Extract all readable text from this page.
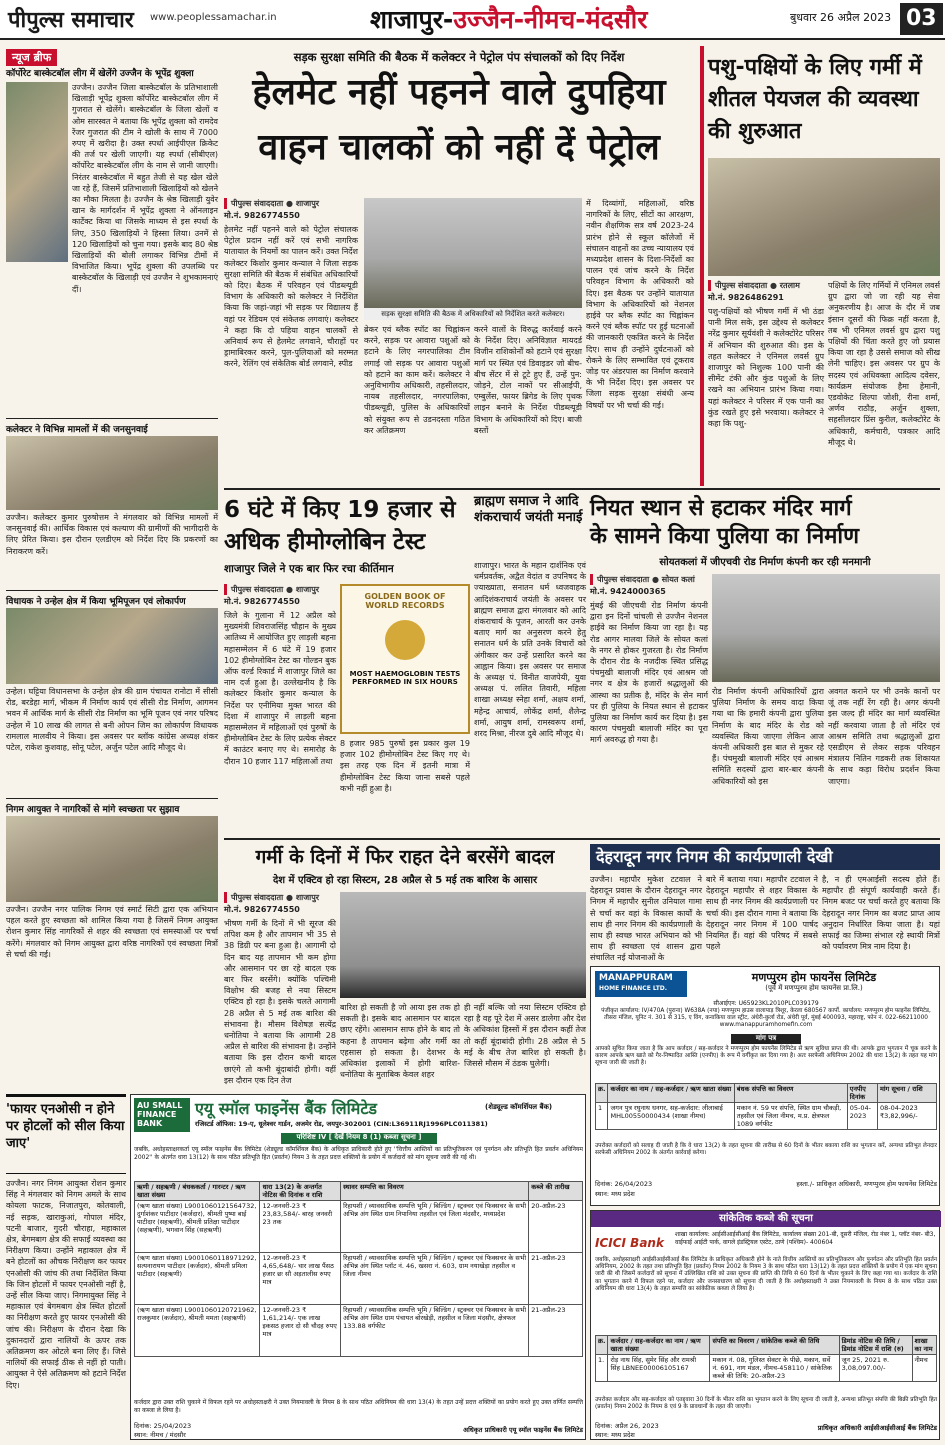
पीपुल्स समाचार www.peoplessamachar.in	शाजापुर-उज्जैन-नीमच-मंदसौर	बुधवार 26 अप्रैल 2023 03
न्यूज ब्रीफ
कॉर्पोरेट बास्केटबॉल लीग में खेलेंगे उज्जैन के भूपेंद्र शुक्ला
उज्जैन। उज्जैन जिला बास्केटबॉल के प्रतिभाशाली खिलाड़ी भूपेंद्र शुक्ला कॉर्पोरेट बास्केटबॉल लीग में गुजरात से खेलेंगे। बास्केटबॉल के जिला खेलों व ओम सारस्वत ने बताया कि भूपेंद्र शुक्ला को रामदेव रेंजर गुजरात की टीम ने खोली के साथ में 7000 रुपए में खरीदा है। उक्त स्पर्धा आईपीएल क्रिकेट की तर्ज पर खेली जाएगी। यह स्पर्धा (सीबीएल) कॉर्पोरेट बास्केटबॉल लीग के नाम से जानी जाएगी। निरंतर बास्केटबॉल में बहुत तेजी से यह खेल खेले जा रहे हैं, जिसमें प्रतिभाशाली खिलाड़ियों को खेलने का मौका मिलता है। उज्जैन के श्रेष्ठ खिलाड़ी युवेर खान के मार्गदर्शन में भूपेंद्र शुक्ला ने ऑनलाइन कार्टेक्ट किया था जिसके माध्यम से इस स्पर्धा के लिए, 350 खिलाड़ियों ने हिस्सा लिया। उनमें से 120 खिलाड़ियों को चुना गया। इसके बाद 80 श्रेष्ठ खिलाड़ियों की बोली लगाकर विभिन्न टीमों में विभाजित किया। भूपेंद्र शुक्ला की उपलब्धि पर बास्केटबॉल के खिलाड़ी एवं उज्जैन ने शुभकामनाएं दीं।
कलेक्टर ने विभिन्न मामलों में की जनसुनवाई
उज्जैन। कलेक्टर कुमार पुरुषोत्तम ने मंगलवार को विभिन्न मामलों में जनसुनवाई की। आर्थिक विकास एवं कल्याण की ग्रामीणों की भागीदारी के लिए प्रेरित किया। इस दौरान एलडीएम को निर्देश दिए कि प्रकरणों का निराकरण करें।
विधायक ने उन्हेल क्षेत्र में किया भूमिपूजन एवं लोकार्पण
उन्हेल। घट्टिया विधानसभा के उन्हेल क्षेत्र की ग्राम पंचायत रानोटा में सीसी रोड, बरडेहा मार्ग, भीकम मैं निर्माण कार्य एवं सीसी रोड निर्माण, आगमन भवन में आर्थिक मार्ग के सीसी रोड निर्माण का भूमि पूजन एवं नगर परिषद उन्हेल में 10 लाख की लागत से बनी ओपन जिम का लोकार्पण विधायक रामलाल मालवीय ने किया। इस अवसर पर ब्लॉक कांग्रेस अध्यक्ष शंकर पटेल, राकेश कुशवाह, सोनू पटेल, अर्जुन पटेल आदि मौजूद थे।
निगम आयुक्त ने नागरिकों से मांगे स्वच्छता पर सुझाव
उज्जैन। उज्जैन नगर पालिक निगम एवं स्मार्ट सिटी द्वारा एक अभियान पहल करते हुए स्वच्छता को शामिल किया गया है जिसमें निगम आयुक्त रोशन कुमार सिंह नागरिकों से शहर की स्वच्छता एवं समस्याओं पर चर्चा करेंगे। मंगलवार को निगम आयुक्त द्वारा वरिष्ठ नागरिकों एवं स्वच्छता मित्रों से चर्चा की गई।
सड़क सुरक्षा समिति की बैठक में कलेक्टर ने पेट्रोल पंप संचालकों को दिए निर्देश
हेलमेट नहीं पहनने वाले दुपहिया
वाहन चालकों को नहीं दें पेट्रोल
पीपुल्स संवाददाता ● शाजापुर
मो.नं. 9826774550
हेलमेट नहीं पहनने वाले को पेट्रोल संचालक पेट्रोल प्रदान नहीं करें एवं सभी नागरिक यातायात के नियमों का पालन करें। उक्त निर्देश कलेक्टर किशोर कुमार कन्याल ने जिला सड़क सुरक्षा समिति की बैठक में संबंधित अधिकारियों को दिए। बैठक में परिवहन एवं पीडब्ल्यूडी विभाग के अधिकारी को कलेक्टर ने निर्देशित किया कि जहां-जहां भी सड़क पर विद्यालय हैं वहां पर रेडियम एवं संकेतक लगवाएं। कलेक्टर ने कहा कि दो पहिया वाहन चालकों से अनिवार्य रूप से हेलमेट लगवाने, चौराहों पर ड्रामाबिरकर करने, पुल-पुलियाओं को मरम्मत करने, रेलिंग एवं संकेतिक बोर्ड लगवाने, स्पीड
सड़क सुरक्षा समिति की बैठक में अधिकारियों को निर्देशित करते कलेक्टर।
ब्रेकर एवं ब्लैक स्पॉट का चिह्नांकन करने, सड़क पर आवारा पशुओं को हटाने के लिए नगरपालिका टीम लगाई जो सड़क पर आवारा पशुओं को हटाने का काम करें। कलेक्टर ने अनुविभागीय अधिकारी, तहसीलदार, नायब तहसीलदार, नगरपालिका, पीडब्ल्यूडी, पुलिस के अधिकारियों को संयुक्त रूप से उडनदस्ता गठित कर अतिक्रमण
करने वालों के विरुद्ध कार्रवाई करने के निर्देश दिए। अनिविज्ञात मायदर्ड विजीन राशिकोर्नों को हटाने एवं सुरक्षा मार्ग पर स्थित एवं डिवाइडर जो बीच-बीच सेंटर में से टूटे हुए हैं, उन्हें पुन: जोड़ने, टोल नाकों पर सीआईपी, एम्बुलेंस, फायर ब्रिगेड के लिए पृथक लाइन बनाने के निर्देश पीडब्ल्यूडी विभाग के अधिकारियों को दिए। बाजी बस्तों
में दिव्यांगों, महिलाओं, वरिष्ठ नागरिकों के लिए, सीटों का आरक्षण, नवीन शैक्षणिक सत्र वर्ष 2023-24 प्रारंभ होने से स्कूल कॉलेजों में संचालन वाहनों का उच्च न्यायालय एवं मध्यप्रदेश शासन के दिशा-निर्देशों का पालन एवं जांच करने के निर्देश परिवहन विभाग के अधिकारी को दिए। इस बैठक पर उन्होंने यातायात विभाग के अधिकारियों को नेशनल हाईवे पर ब्लैक स्पॉट का चिह्नांकन करने एवं ब्लैक स्पॉट पर हुई घटनाओं की जानकारी एकत्रित करने के निर्देश दिए। साथ ही उन्होंने दुर्घटनाओं को रोकने के लिए सम्भावित एवं टूकराव जोड़ पर अंडरपास का निर्माण करवाने के भी निर्देश दिए। इस अवसर पर जिला सड़क सुरक्षा संबंधी अन्य विषयों पर भी चर्चा की गई।
पशु-पक्षियों के लिए गर्मी में शीतल पेयजल की व्यवस्था की शुरुआत
पीपुल्स संवाददाता ● रतलाम
मो.नं. 9826486291
पशु-पक्षियों को भीषण गर्मी में भी ठंडा पानी मिल सके, इस उद्देश्य से कलेक्टर नरेंद्र कुमार सूर्यवंशी ने कलेक्टोरेट परिसर में अभियान की शुरुआत की। इस के तहत कलेक्टर ने एनिमल लवर्स ग्रुप शाजापुर को निशुल्क 100 पानी की सीमेंट टंकी और कुंड पशुओं के लिए रखने का अभियान प्रारंभ किया गया। यहां कलेक्टर ने परिसर में एक पानी का कुंड रखते हुए इसे भरवाया। कलेक्टर ने कहा कि पशु-
पक्षियों के लिए गर्मियों में एनिमल लवर्स ग्रुप द्वारा जो जा रही यह सेवा अनुकरणीय है। आज के दौर में जब इंसान दूसरों की फिक्र नहीं करता है, तब भी एनिमल लवर्स ग्रुप द्वारा पशु पक्षियों की चिंता करते हुए जो प्रयास किया जा रहा है उससे समाज को सीख लेनी चाहिए। इस अवसर पर ग्रुप के सदस्य एवं अधिवक्ता आदित्य दवेसर, कार्यक्रम संयोजक हैमा हेमानी, एडवोकेट शिल्पा जोशी, रीना शर्मा, अर्णव राठौड़, अर्जुन शुक्ला, सहसीलदार प्रिंस कुरील, कलेक्टोरेट के अधिकारी, कर्मचारी, पत्रकार आदि मौजूद थे।
6 घंटे में किए 19 हजार से
अधिक हीमोग्लोबिन टेस्ट
शाजापुर जिले ने एक बार फिर रचा कीर्तिमान
पीपुल्स संवाददाता ● शाजापुर
मो.नं. 9826774550
जिले के गुलाना में 12 अप्रैल को मुख्यमंत्री शिवराजसिंह चौहान के मुख्य आतिथ्य में आयोजित हुए लाड़ली बहना महासम्मेलन में 6 घंटे में 19 हजार 102 हीमोग्लोबिन टेस्ट का गोल्डन बुक ऑफ वर्ल्ड रिकार्ड में शाजापुर जिले का नाम दर्ज हुआ है। उल्लेखनीय है कि कलेक्टर किशोर कुमार कन्याल के निर्देश पर एनीमिया मुक्त भारत की दिशा में शाजापुर में लाड़ली बहना महासम्मेलन में महिलाओं एवं पुरुषों के हीमोग्लोबिन टेस्ट के लिए प्रत्येक सेक्टर में काउंटर बनाए गए थे। समारोह के दौरान 10 हजार 117 महिलाओं तथा
GOLDEN BOOK OF WORLD RECORDS
MOST HAEMOGLOBIN TESTS PERFORMED IN SIX HOURS
8 हजार 985 पुरुषों इस प्रकार कुल 19 हजार 102 हीमोग्लोबिन टेस्ट किए गए थे। इस तरह एक दिन में इतनी मात्रा में हीमोग्लोबिन टेस्ट किया जाना सबसे पहले कभी नहीं हुआ है।
ब्राह्मण समाज ने आदि शंकराचार्य जयंती मनाई
शाजापुर। भारत के महान दार्शनिक एवं धर्मप्रवर्तक, अद्वैत वेदांत व उपनिषद के ज्याख्याता, सनातन धर्म ध्वजवाहक आदिशंकराचार्य जयंती के अवसर पर ब्राह्मण समाज द्वारा मंगलवार को आदि शंकराचार्य के पूजन, आरती कर उनके बताए मार्ग का अनुसरण करने हेतु सनातन धर्म के प्रति उनके विचारों को अंगीकार कर उन्हें प्रसारित करने का आह्वान किया। इस अवसर पर समाज के अध्यक्ष पं. विनीत वाजपेयी, युवा अध्यक्ष पं. ललित तिवारी, महिला शाखा अध्यक्ष स्नेहा शर्मा, अक्षय शर्मा, महेन्द्र आचार्य, लोकेंद्र शर्मा, शैलेन्द्र शर्मा, आयुष शर्मा, रामस्वरूप शर्मा, शरद मिश्रा, नीरज दुबे आदि मौजूद थे।
नियत स्थान से हटाकर मंदिर मार्ग
के सामने किया पुलिया का निर्माण
सोयतकलां में जीएचवी रोड निर्माण कंपनी कर रही मनमानी
पीपुल्स संवाददाता ● सोयत कलां
मो.नं. 9424000365
मुंबई की जीएचवी रोड निर्माण कंपनी द्वारा इन दिनों चांचली से उज्जैन नेशनल हाईवे का निर्माण किया जा रहा है। यह रोड आगर मालवा जिले के सोयत कलां के नगर से होकर गुजरता है। रोड निर्माण के दौरान रोड के नजदीक स्थित प्रसिद्ध पंचमुखी बालाजी मंदिर एवं आश्रम जो नगर व क्षेत्र के हजारों श्रद्धालुओं की आस्था का प्रतीक है, मंदिर के सेन मार्ग पर ही पुलिया के नियत स्थान से हटाकर पुलिया का निर्माण कार्य कर दिया है। इस कारण पंचमुखी बालाजी मंदिर का पूरा मार्ग अवरुद्ध हो गया है।
रोड निर्माण कंपनी अधिकारियों द्वारा पुलिया निर्माण के समय वादा किया गया था कि हमारी कंपनी द्वारा पुलिया निर्माण के बाद मंदिर के रोड को व्यवस्थित किया जाएगा लेकिन आज कंपनी अधिकारी इस बात से मुकर रहे हैं। पंचमुखी बालाजी मंदिर एवं आश्रम समिति सदस्यों द्वारा बार-बार कंपनी अधिकारियों को इस
अवगत कराने पर भी उनके कानों पर जूं तक नहीं रेंग रही है। अगर कंपनी इस जल्द ही मंदिर का मार्ग व्यवस्थित नहीं करवाया जाता है तो मंदिर एवं आश्रम समिति तथा श्रद्धालुओं द्वारा एसडीएम से लेकर सड़क परिवहन मंत्रालय नितिन गडकरी तक शिकायत के साथ कड़ा विरोध प्रदर्शन किया जाएगा।
गर्मी के दिनों में फिर राहत देने बरसेंगे बादल
देश में एक्टिव हो रहा सिस्टम, 28 अप्रैल से 5 मई तक बारिश के आसार
पीपुल्स संवाददाता ● शाजापुर
मो.नं. 9826774550
भीषण गर्मी के दिनों में भी सूरज की तपिश कम है और तापमान भी 35 से 38 डिग्री पर बना हुआ है। आगामी दो दिन बाद यह तापमान भी कम होगा और आसमान पर छा रहे बादल एक बार फिर बरसेंगे। क्योंकि पश्चिमी विक्षोभ की बजह से नया सिस्टम एक्टिव हो रहा है। इसके चलते आगामी 28 अप्रैल से 5 मई तक बारिश की संभावना है। मौसम विशेषज्ञ सत्येंद्र धनोतिया ने बताया कि आगामी 28 अप्रैल से बारिश की संभावना है। उन्होंने बताया कि इस दौरान कभी बादल छाएंगे तो कभी बूंदाबांदी होगी। वहीं इस दौरान एक दिन तेज
बारिश हो सकती है जो आया इस तक हो सकती है। इसके बाद आसमान पर बादल छाए रहेंगे। आसमान साफ होने के बाद तो कहना है तापमान बढ़ेगा और गर्मी का एहसास हो सकता है। देशभर के अधिकांश इलाकों में होगी बारिश- धनोतिया के मुताबिक केवल शहर
ही नहीं बल्कि जो नया सिस्टम एक्टिव हो रहा है वह पूरे देश में असर डालेगा और देश के अधिकांश हिस्सों में इस दौरान कहीं तेज तो कहीं बूंदाबांदी होगी। 28 अप्रैल से 5 मई के बीच तेज बारिश हो सकती है। जिससे मौसम में ठंडक घुलेगी।
देहरादून नगर निगम की कार्यप्रणाली देखी
उज्जैन। महापौर मुकेश टटवाल ने देहरादून प्रवास के दौरान देहरादून नगर निगम में महापौर सुनील उनियाल गामा से चर्चा कर वहां के विकास कार्यों के साथ ही नगर निगम की कार्यप्रणाली के साथ ही स्वच्छ भारत अभियान को भी साथ ही स्वच्छता एवं शासन द्वारा संचालित नई योजनाओं के
बारे में बताया गया। महापौर टटवाल ने देहरादून महापौर से शहर विकास के साथ ही नगर निगम की कार्यप्रणाली पर चर्चा की। इस दौरान गामा ने बताया कि देहरादून नगर निगम में 100 पार्षद नियमित हैं। वहां की परिषद में सबसे पहले
है, न ही एमआईसी सदस्य होते हैं। महापौर ही संपूर्ण कार्यवाही करते हैं। निगम बजट पर चर्चा करते हुए बताया कि देहरादून नगर निगम का बजट प्राप्त आय अनुदान निर्धारित किया जाता है। यहां सफाई का जिम्मा संभाल रहे स्थायी मित्रों को पर्यावरण मित्र नाम दिया है।
MANAPPURAM
HOME FINANCE LTD.
मणप्पुरम होम फायनेंस लिमिटेड
(पूर्व में मणप्पुरम होम फायनेंस प्रा.लि.)
सीआईएन: U65923KL2010PLC039179
पंजीकृत कार्यालय: IV/470A (पुराना) W638A (नया) मणप्पुरम हाउस वालापाड़ त्रिशूर, केरला 680567 कार्पो. कार्यालय: मणप्पुरम होम फाइनेंस लिमिटेड, तीसरा मंजिल, यूनिट नं. 301 से 315, ए विंग, कनाकिया वाल स्ट्रीट, अंधेरी-कुर्ला रोड, अंधेरी पूर्व, मुंबई 400093, महाराष्ट्र, फोन नं. 022-66211000 www.manappuramhomefin.com
मांग पत्र
आपको सूचित किया जाता है कि आप कर्जदार / सह-कर्जदार ने मणप्पुरम होम फायनेंस लिमिटेड से ऋण सुविधा प्राप्त की थी। आपके द्वारा भुगतान में चूक करने के कारण आपके ऋण खाते को गैर-निष्पादित आस्ति (एनपीए) के रूप में वर्गीकृत कर दिया गया है। अतः सरफेसी अधिनियम 2002 की धारा 13(2) के तहत यह मांग सूचना जारी की जाती है।
क्र.	कर्जदार का नाम / सह-कर्जदार / ऋण खाता संख्या	बंधक संपत्ति का विवरण	एनपीए दिनांक	मांग सूचना / राशि
1	जगन पुत्र रघुनाथ धनगर, सह-कर्जदार: लीलाबाई MHL00550000434 (शाखा नीमच)	मकान नं. 59 पर संपत्ति, स्थित ग्राम चौकड़ी, तहसील एवं जिला नीमच, म.प्र. क्षेत्रफल 1089 वर्गफीट	05-04-2023	08-04-2023 ₹3,82,996/-
उपरोक्त कर्जदारों को सलाह दी जाती है कि वे धारा 13(2) के तहत सूचना की तारीख से 60 दिनों के भीतर बकाया राशि का भुगतान करें, अन्यथा प्रतिभूत लेनदार सरफेसी अधिनियम 2002 के अंतर्गत कार्रवाई करेगा।
दिनांक: 26/04/2023
स्थान: मध्य प्रदेश
हस्ता./- प्राधिकृत अधिकारी, मणप्पुरम होम फायनेंस लिमिटेड
'फायर एनओसी न होने पर होटलों को सील किया जाए'
उज्जैन। नगर निगम आयुक्त रोशन कुमार सिंह ने मंगलवार को निगम अमले के साथ कोयला फाटक, निजातपुरा, कोतवाली, नई सड़क, खाराकुआं, गोपाल मंदिर, पटनी बाजार, गुदरी चौराहा, महाकाल क्षेत्र, बेगमबाग क्षेत्र की सफाई व्यवस्था का निरीक्षण किया। उन्होंने महाकाल क्षेत्र में बने होटलों का औचक निरीक्षण कर फायर एनओसी की जांच की तथा निर्देशित किया कि जिन होटलों में फायर एनओसी नहीं है, उन्हें सील किया जाए। निगमायुक्त सिंह ने महाकाल एवं बेगमबाग क्षेत्र स्थित होटलों का निरीक्षण करते हुए फायर एनओसी की जांच की। निरीक्षण के दौरान देखा कि दुकानदारों द्वारा नालियों के ऊपर तक अतिक्रमण कर ओटले बना लिए हैं। जिसे नालियों की सफाई ठीक से नहीं हो पाती। आयुक्त ने ऐसे अतिक्रमण को हटाने निर्देश दिए।
AU SMALL FINANCE BANK
एयू स्मॉल फाइनेंस बैंक लिमिटेड	(शेड्यूल्ड कॉमर्शियल बैंक)
रजिस्टर्ड ऑफिस: 19-ए, धूलेश्वर गार्डन, अजमेर रोड, जयपुर-302001 (CIN:L36911RJ1996PLC011381)
परिशिष्ट IV [ देखें नियम 8 (1) कब्जा सूचना ]
जबकि, अधोहस्ताक्षरकर्ता एयू स्मॉल फाइनेंस बैंक लिमिटेड (शेड्यूल्ड कॉमर्शियल बैंक) के अधिकृत प्राधिकारी होते हुए ''वित्तीय आस्तियों का प्रतिभूतिकरण एवं पुनर्गठन और प्रतिभूति हित प्रवर्तन अधिनियम 2002'' के अंतर्गत धारा 13(12) के साथ पठित प्रतिभूति हित (प्रवर्तन) नियम 3 के तहत प्रदत्त शक्तियों के प्रयोग में कर्जदारों को मांग सूचना जारी की गई थी।
ऋणी / सहऋणी / बंधककर्ता / गारन्टर / ऋण खाता संख्या	धारा 13(2) के अन्तर्गत नोटिस की दिनांक व राशि	स्थावर सम्पत्ति का विवरण	कब्जे की तारीख
(ऋण खाता संख्या) L9001060121564732, दुर्गाशंकर पाटीदार (कर्जदार), श्रीमती पुष्पा बाई पाटीदार (सहऋणी), श्रीमती प्रतिक्षा पाटीदार (सहऋणी), भगवान सिंह (सहऋणी)	12-जनवरी-23 ₹ 23,83,584/- बारह जनवरी 23 तक	रिहायशी / व्यावसायिक सम्पत्ति भूमि / बिल्डिंग / स्ट्रक्चर एवं फिक्सचर के सभी अभिन्न अंग स्थित ग्राम निपानिया तहसील एवं जिला मंदसौर, मध्यप्रदेश	20-अप्रैल-23
(ऋण खाता संख्या) L9001060118971292, सत्यनारायण पाटीदार (कर्जदार), श्रीमती प्रमिला पाटीदार (सहऋणी)	12-जनवरी-23 ₹ 4,65,648/- चार लाख पैंसठ हजार छः सौ अड़तालीस रुपए मात्र	रिहायशी / व्यावसायिक सम्पत्ति भूमि / बिल्डिंग / स्ट्रक्चर एवं फिक्सचर के सभी अभिन्न अंग स्थित प्लॉट नं. 46, खसरा नं. 603, ग्राम नयाखेड़ा तहसील व जिला नीमच	21-अप्रैल-23
(ऋण खाता संख्या) L9001060120721962, राजकुमार (कर्जदार), श्रीमती ममता (सहऋणी)	12-जनवरी-23 ₹ 1,61,214/- एक लाख इकसठ हजार दो सौ चौदह रुपए मात्र	रिहायशी / व्यावसायिक सम्पत्ति भूमि / बिल्डिंग / स्ट्रक्चर एवं फिक्सचर के सभी अभिन्न अंग स्थित ग्राम पंचायत बोरखेड़ी, तहसील व जिला मंदसौर, क्षेत्रफल 133.88 वर्गफीट	21-अप्रैल-23
कर्जदार द्वारा उक्त राशि चुकाने में विफल रहने पर अधोहस्ताक्षरी ने उक्त नियमावली के नियम 8 के साथ पठित अधिनियम की धारा 13(4) के तहत उन्हें प्रदत्त शक्तियों का प्रयोग करते हुए उक्त वर्णित सम्पत्ति का कब्जा ले लिया है।
दिनांक: 25/04/2023
स्थान: नीमच / मंदसौर
अधिकृत प्राधिकारी एयू स्मॉल फाइनेंस बैंक लिमिटेड
सांकेतिक कब्जे की सूचना
ICICI Bank
शाखा कार्यालय: आईसीआईसीआई बैंक लिमिटेड, कार्यालय संख्या 201-बी, दूसरी मंजिल, रोड नंबर 1, प्लॉट नंबर- बी3, वाईफाई आईटी पार्क, वागले इंडस्ट्रियल एस्टेट, ठाणे (पश्चिम)- 400604
जबकि, अधोहस्ताक्षरी आईसीआईसीआई बैंक लिमिटेड के प्राधिकृत अधिकारी होने के नाते वित्तीय आस्तियों का प्रतिभूतिकरण और पुनर्गठन और प्रतिभूति हित प्रवर्तन अधिनियम, 2002 के तहत तथा प्रतिभूति हित (प्रवर्तन) नियम 2002 के नियम 3 के साथ पठित धारा 13(12) के तहत प्रदत्त शक्तियों के प्रयोग में एक मांग सूचना जारी की थी जिसमें कर्जदारों को सूचना में उल्लिखित राशि को उक्त सूचना की प्राप्ति की तिथि से 60 दिनों के भीतर चुकाने के लिए कहा गया था। कर्जदार के राशि का भुगतान करने में विफल रहने पर, कर्जदार और जनसाधारण को सूचना दी जाती है कि अधोहस्ताक्षरी ने उक्त नियमावली के नियम 8 के साथ पठित उक्त अधिनियम की धारा 13(4) के तहत सम्पत्ति का सांकेतिक कब्जा ले लिया है।
क्र.	कर्जदार / सह-कर्जदार का नाम / ऋण खाता संख्या	संपत्ति का विवरण / सांकेतिक कब्जे की तिथि	डिमांड नोटिस की तिथि / डिमांड नोटिस में राशि (रु)	शाखा का नाम
1.	रोड़ नाथ सिंह, सुमेर सिंह और रामश्री सिंह LBNEE00006105167	मकान नं. 08, गुलिस्त सेक्टर के पीछे, मकान, सर्वे नं. 691, नाग मंडल, नीमच-458110 / सांकेतिक कब्जे की तिथि: 20-अप्रैल-23	जून 25, 2021 रु. 3,08,097.00/-	नीमच
उपरोक्त कर्जदार और सह-कर्जदार को एतद्द्वारा 30 दिनों के भीतर राशि का भुगतान करने के लिए सूचना दी जाती है, अन्यथा प्रतिभूत संपत्ति की बिक्री प्रतिभूति हित (प्रवर्तन) नियम 2002 के नियम 8 एवं 9 के प्रावधानों के तहत की जाएगी।
दिनांक: अप्रैल 26, 2023
स्थान: मध्य प्रदेश
प्राधिकृत अधिकारी आईसीआईसीआई बैंक लिमिटेड
